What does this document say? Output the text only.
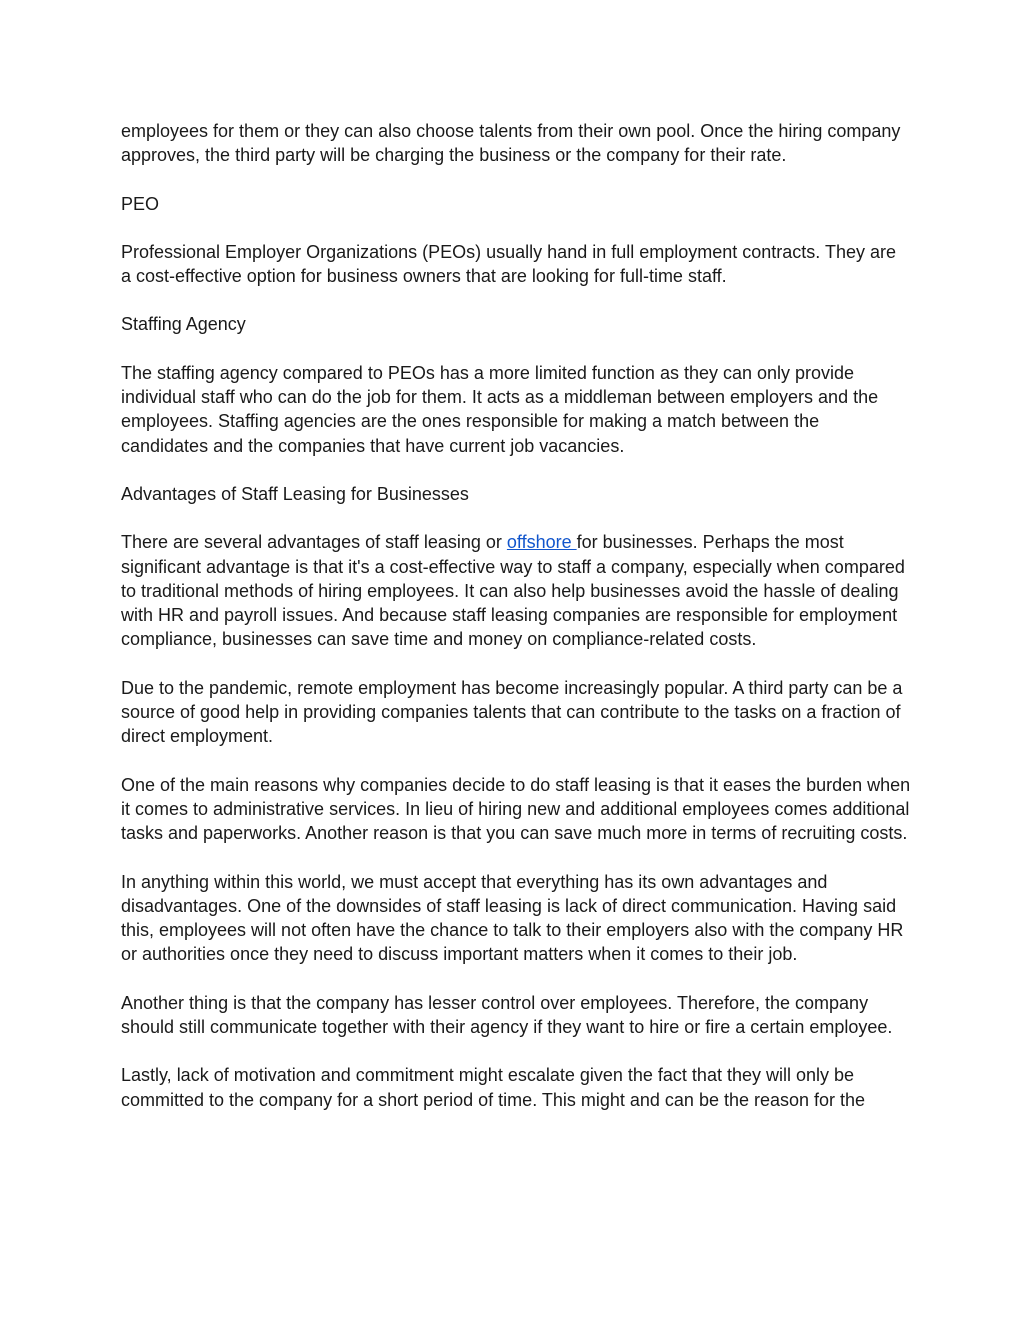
employees for them or they can also choose talents from their own pool. Once the hiring company approves, the third party will be charging the business or the company for their rate.

PEO

Professional Employer Organizations (PEOs) usually hand in full employment contracts. They are a cost-effective option for business owners that are looking for full-time staff.

Staffing Agency

The staffing agency compared to PEOs has a more limited function as they can only provide individual staff who can do the job for them. It acts as a middleman between employers and the employees. Staffing agencies are the ones responsible for making a match between the candidates and the companies that have current job vacancies.

Advantages of Staff Leasing for Businesses

There are several advantages of staff leasing or offshore for businesses. Perhaps the most significant advantage is that it's a cost-effective way to staff a company, especially when compared to traditional methods of hiring employees. It can also help businesses avoid the hassle of dealing with HR and payroll issues. And because staff leasing companies are responsible for employment compliance, businesses can save time and money on compliance-related costs.

Due to the pandemic, remote employment has become increasingly popular. A third party can be a source of good help in providing companies talents that can contribute to the tasks on a fraction of direct employment.

One of the main reasons why companies decide to do staff leasing is that it eases the burden when it comes to administrative services. In lieu of hiring new and additional employees comes additional tasks and paperworks. Another reason is that you can save much more in terms of recruiting costs.

In anything within this world, we must accept that everything has its own advantages and disadvantages. One of the downsides of staff leasing is lack of direct communication. Having said this, employees will not often have the chance to talk to their employers also with the company HR or authorities once they need to discuss important matters when it comes to their job.

Another thing is that the company has lesser control over employees. Therefore, the company should still communicate together with their agency if they want to hire or fire a certain employee.

Lastly, lack of motivation and commitment might escalate given the fact that they will only be committed to the company for a short period of time. This might and can be the reason for the
